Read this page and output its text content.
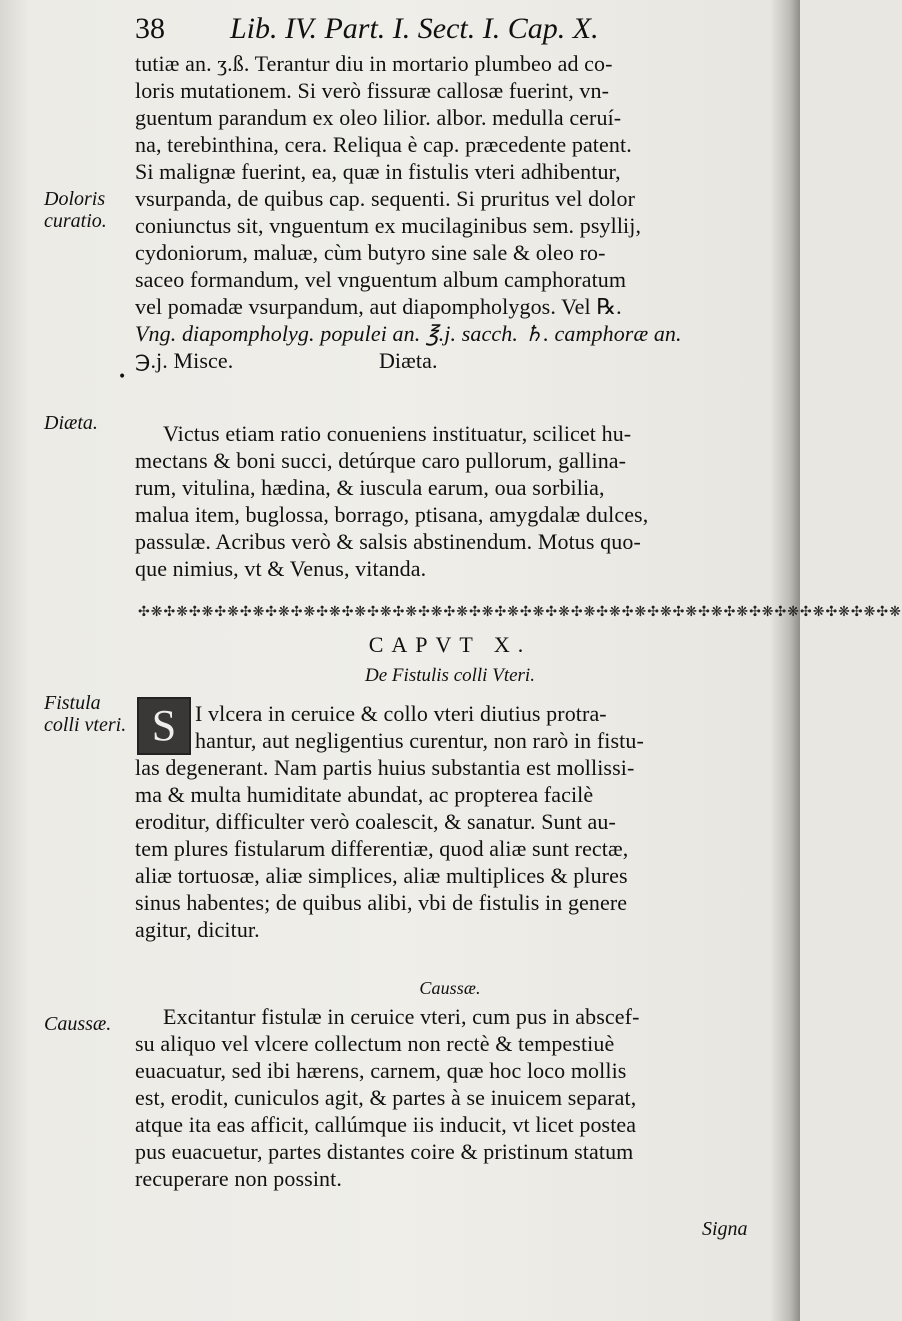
38 Lib. IV. Part. I. Sect. I. Cap. X.
Doloris curatio.
Diæta.
Fistula colli vteri.
Caussæ.
•
tutiæ an. ʒ.ß. Terantur diu in mortario plumbeo ad co-
loris mutationem. Si verò fissuræ callosæ fuerint, vn-
guentum parandum ex oleo lilior. albor. medulla ceruí-
na, terebinthina, cera. Reliqua è cap. præcedente patent.
Si malignæ fuerint, ea, quæ in fistulis vteri adhibentur,
vsurpanda, de quibus cap. sequenti. Si pruritus vel dolor
coniunctus sit, vnguentum ex mucilaginibus sem. psyllij,
cydoniorum, maluæ, cùm butyro sine sale & oleo ro-
saceo formandum, vel vnguentum album camphoratum
vel pomadæ vsurpandum, aut diapompholygos. Vel ℞.
Vng. diapompholyg. populei an. ℥.j. sacch. ♄. camphoræ an.
℈.j. Misce.                          Diæta.
Victus etiam ratio conueniens instituatur, scilicet hu-
mectans & boni succi, detúrque caro pullorum, gallina-
rum, vitulina, hædina, & iuscula earum, oua sorbilia,
malua item, buglossa, borrago, ptisana, amygdalæ dulces,
passulæ. Acribus verò & salsis abstinendum. Motus quo-
que nimius, vt & Venus, vitanda.
✣❋✣❋✣❋✣❋✣❋✣❋✣❋✣❋✣❋✣❋✣❋✣❋✣❋✣❋✣❋✣❋✣❋✣❋✣❋✣❋✣❋✣❋✣❋✣❋✣❋✣❋✣❋✣❋✣❋✣❋
CAPVT X.
De Fistulis colli Vteri.
S I vlcera in ceruice & collo vteri diutius protra-
hantur, aut negligentius curentur, non rarò in fistu-
las degenerant. Nam partis huius substantia est mollissi-
ma & multa humiditate abundat, ac propterea facilè
eroditur, difficulter verò coalescit, & sanatur. Sunt au-
tem plures fistularum differentiæ, quod aliæ sunt rectæ,
aliæ tortuosæ, aliæ simplices, aliæ multiplices & plures
sinus habentes; de quibus alibi, vbi de fistulis in genere
agitur, dicitur.
Caussæ.
Excitantur fistulæ in ceruice vteri, cum pus in abscef-
su aliquo vel vlcere collectum non rectè & tempestiuè
euacuatur, sed ibi hærens, carnem, quæ hoc loco mollis
est, erodit, cuniculos agit, & partes à se inuicem separat,
atque ita eas afficit, callúmque iis inducit, vt licet postea
pus euacuetur, partes distantes coire & pristinum statum
recuperare non possint.
Signa
